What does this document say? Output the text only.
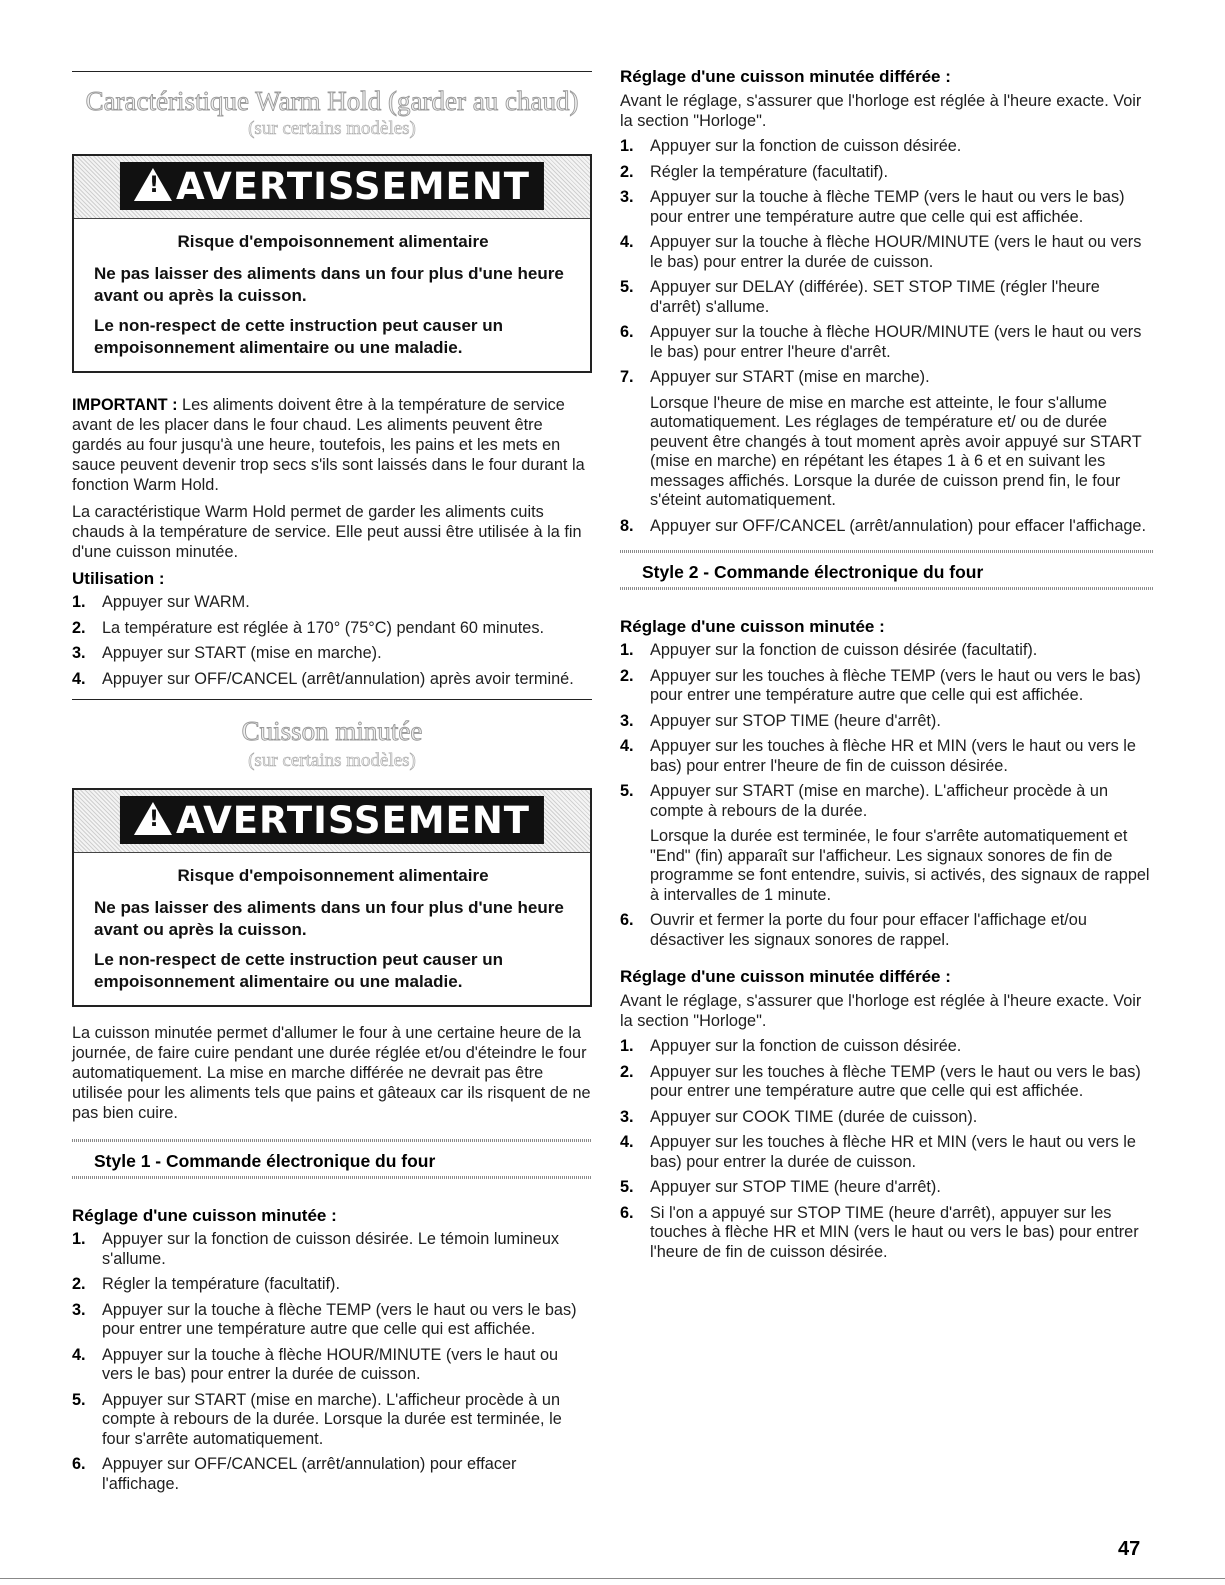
Caractéristique Warm Hold (garder au chaud)
(sur certains modèles)
!
AVERTISSEMENT
Risque d'empoisonnement alimentaire

Ne pas laisser des aliments dans un four plus d'une heure avant ou après la cuisson.

Le non-respect de cette instruction peut causer un empoisonnement alimentaire ou une maladie.

IMPORTANT : Les aliments doivent être à la température de service avant de les placer dans le four chaud. Les aliments peuvent être gardés au four jusqu'à une heure, toutefois, les pains et les mets en sauce peuvent devenir trop secs s'ils sont laissés dans le four durant la fonction Warm Hold.

La caractéristique Warm Hold permet de garder les aliments cuits chauds à la température de service. Elle peut aussi être utilisée à la fin d'une cuisson minutée.

Utilisation :

1. Appuyer sur WARM.
2. La température est réglée à 170° (75°C) pendant 60 minutes.
3. Appuyer sur START (mise en marche).
4. Appuyer sur OFF/CANCEL (arrêt/annulation) après avoir terminé.
Cuisson minutée
(sur certains modèles)
!
AVERTISSEMENT
Risque d'empoisonnement alimentaire

Ne pas laisser des aliments dans un four plus d'une heure avant ou après la cuisson.

Le non-respect de cette instruction peut causer un empoisonnement alimentaire ou une maladie.

La cuisson minutée permet d'allumer le four à une certaine heure de la journée, de faire cuire pendant une durée réglée et/ou d'éteindre le four automatiquement. La mise en marche différée ne devrait pas être utilisée pour les aliments tels que pains et gâteaux car ils risquent de ne pas bien cuire.

Style 1 - Commande électronique du four

Réglage d'une cuisson minutée :

1. Appuyer sur la fonction de cuisson désirée. Le témoin lumineux s'allume.
2. Régler la température (facultatif).
3. Appuyer sur la touche à flèche TEMP (vers le haut ou vers le bas) pour entrer une température autre que celle qui est affichée.
4. Appuyer sur la touche à flèche HOUR/MINUTE (vers le haut ou vers le bas) pour entrer la durée de cuisson.
5. Appuyer sur START (mise en marche). L'afficheur procède à un compte à rebours de la durée. Lorsque la durée est terminée, le four s'arrête automatiquement.
6. Appuyer sur OFF/CANCEL (arrêt/annulation) pour effacer l'affichage.

Réglage d'une cuisson minutée différée :

Avant le réglage, s'assurer que l'horloge est réglée à l'heure exacte. Voir la section "Horloge".

1. Appuyer sur la fonction de cuisson désirée.
2. Régler la température (facultatif).
3. Appuyer sur la touche à flèche TEMP (vers le haut ou vers le bas) pour entrer une température autre que celle qui est affichée.
4. Appuyer sur la touche à flèche HOUR/MINUTE (vers le haut ou vers le bas) pour entrer la durée de cuisson.
5. Appuyer sur DELAY (différée). SET STOP TIME (régler l'heure d'arrêt) s'allume.
6. Appuyer sur la touche à flèche HOUR/MINUTE (vers le haut ou vers le bas) pour entrer l'heure d'arrêt.
7. Appuyer sur START (mise en marche).
Lorsque l'heure de mise en marche est atteinte, le four s'allume automatiquement. Les réglages de température et/ ou de durée peuvent être changés à tout moment après avoir appuyé sur START (mise en marche) en répétant les étapes 1 à 6 et en suivant les messages affichés. Lorsque la durée de cuisson prend fin, le four s'éteint automatiquement.
8. Appuyer sur OFF/CANCEL (arrêt/annulation) pour effacer l'affichage.
Style 2 - Commande électronique du four

Réglage d'une cuisson minutée :

1. Appuyer sur la fonction de cuisson désirée (facultatif).
2. Appuyer sur les touches à flèche TEMP (vers le haut ou vers le bas) pour entrer une température autre que celle qui est affichée.
3. Appuyer sur STOP TIME (heure d'arrêt).
4. Appuyer sur les touches à flèche HR et MIN (vers le haut ou vers le bas) pour entrer l'heure de fin de cuisson désirée.
5. Appuyer sur START (mise en marche). L'afficheur procède à un compte à rebours de la durée.
Lorsque la durée est terminée, le four s'arrête automatiquement et "End" (fin) apparaît sur l'afficheur. Les signaux sonores de fin de programme se font entendre, suivis, si activés, des signaux de rappel à intervalles de 1 minute.
6. Ouvrir et fermer la porte du four pour effacer l'affichage et/ou désactiver les signaux sonores de rappel.

Réglage d'une cuisson minutée différée :

Avant le réglage, s'assurer que l'horloge est réglée à l'heure exacte. Voir la section "Horloge".

1. Appuyer sur la fonction de cuisson désirée.
2. Appuyer sur les touches à flèche TEMP (vers le haut ou vers le bas) pour entrer une température autre que celle qui est affichée.
3. Appuyer sur COOK TIME (durée de cuisson).
4. Appuyer sur les touches à flèche HR et MIN (vers le haut ou vers le bas) pour entrer la durée de cuisson.
5. Appuyer sur STOP TIME (heure d'arrêt).
6. Si l'on a appuyé sur STOP TIME (heure d'arrêt), appuyer sur les touches à flèche HR et MIN (vers le haut ou vers le bas) pour entrer l'heure de fin de cuisson désirée.
47
